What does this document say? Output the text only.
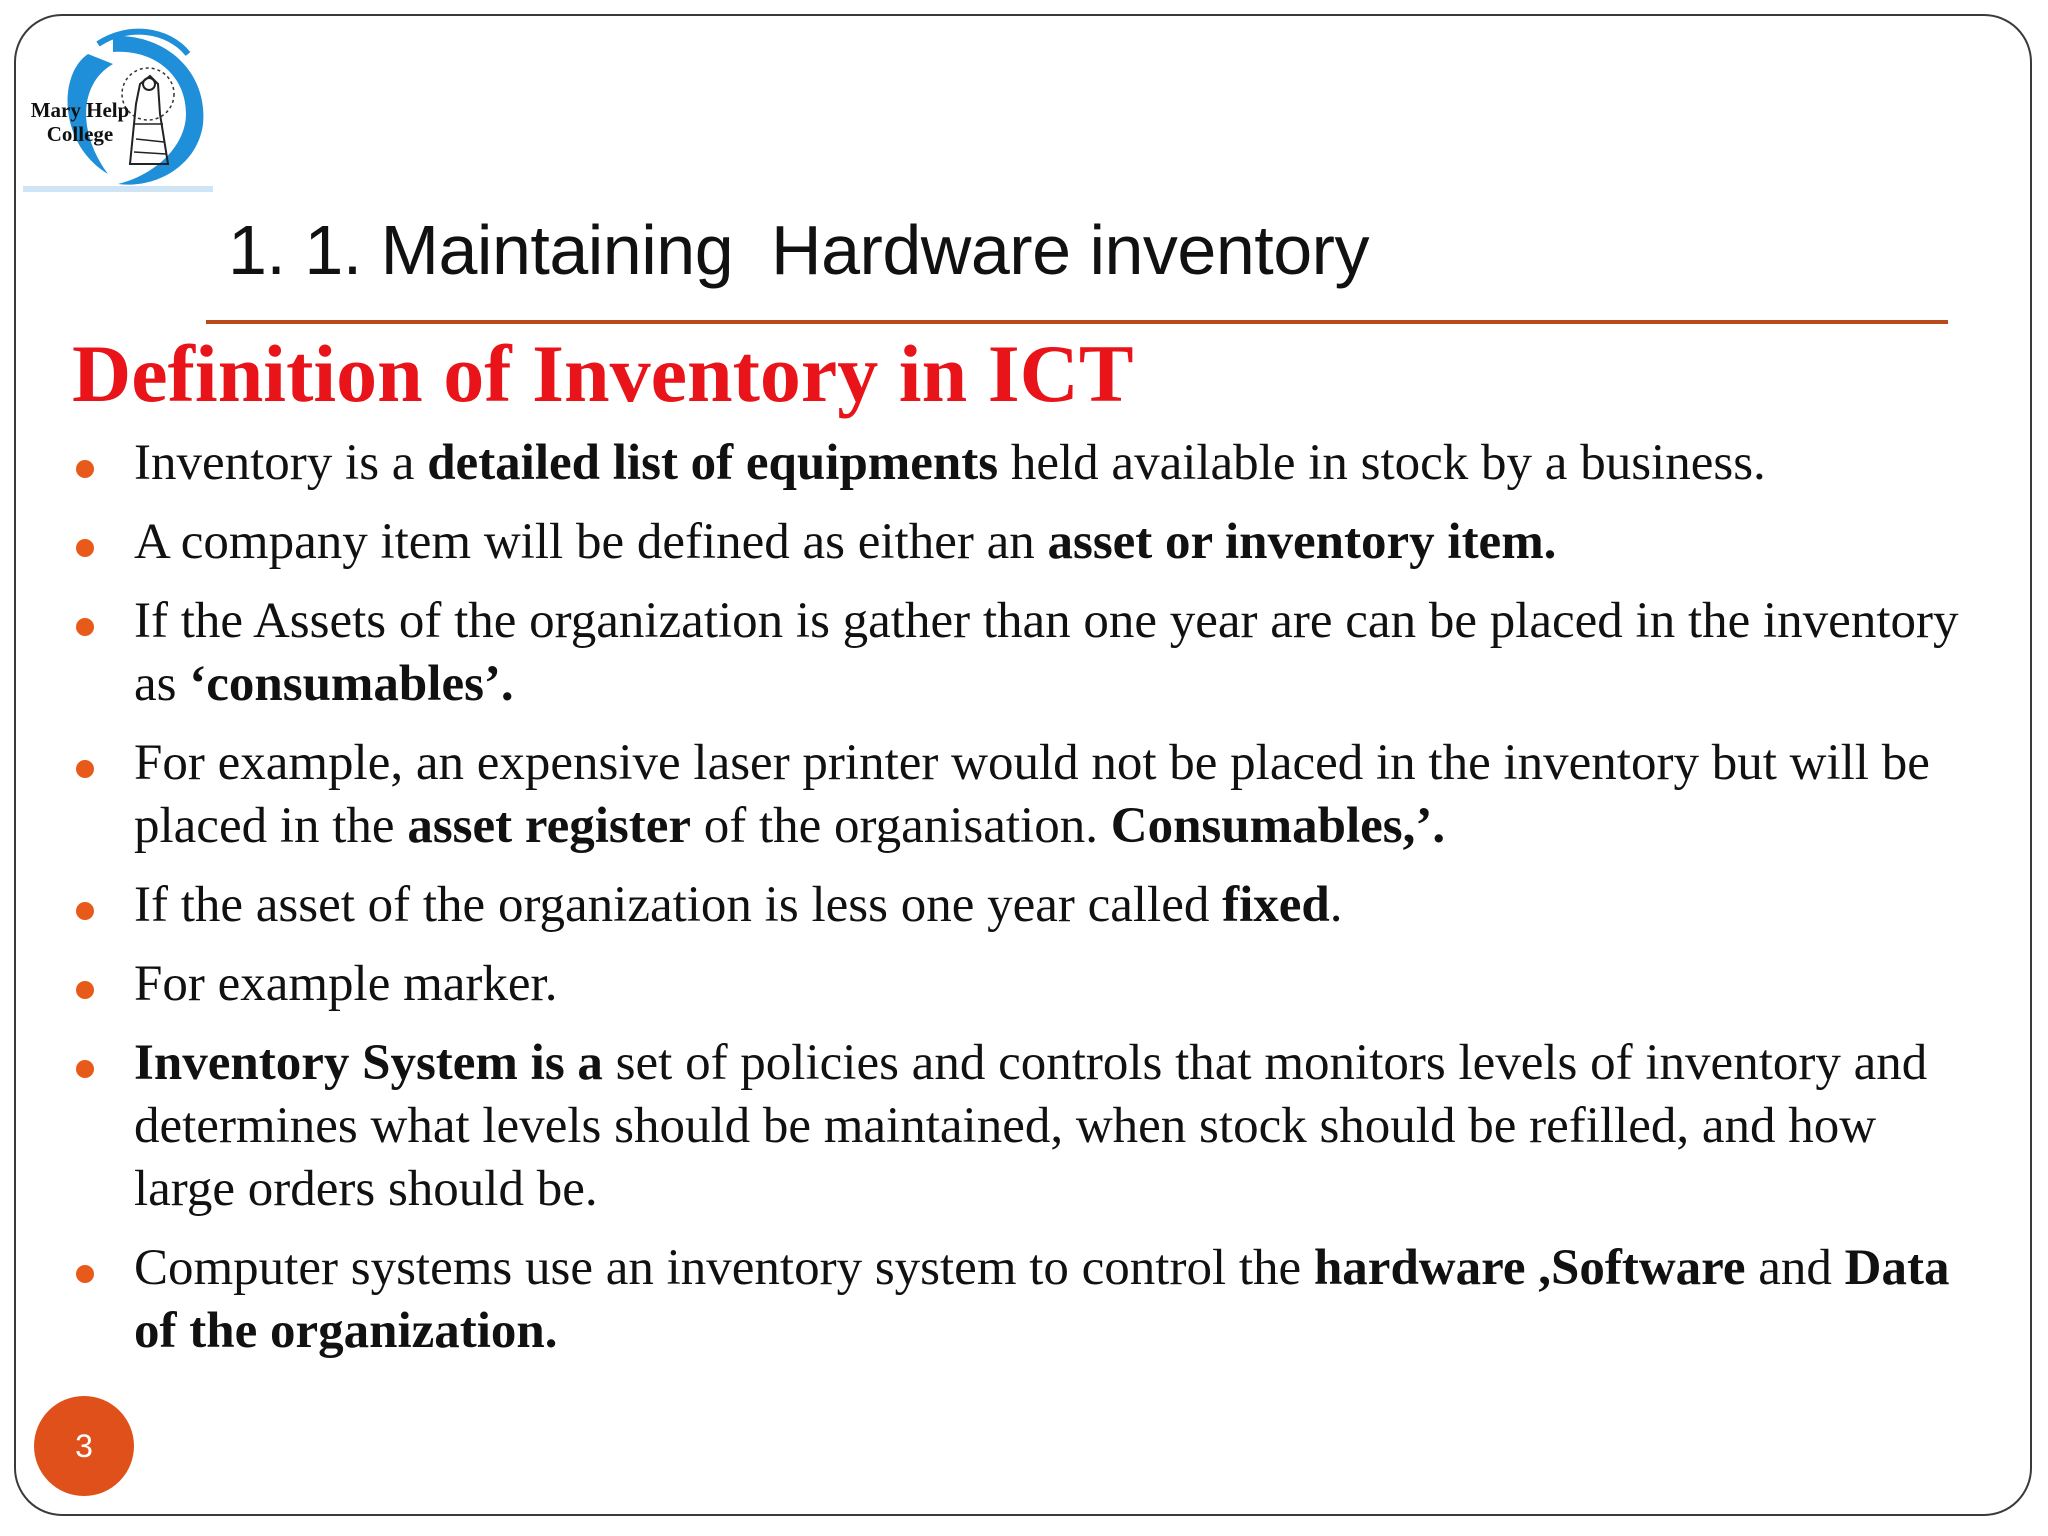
Mary Help
College
1. 1. Maintaining  Hardware inventory
Definition of Inventory in ICT
Inventory is a detailed list of equipments held available in stock by a business.
A company item will be defined as either an asset or inventory item.
If the Assets of the organization is gather than one year are can be placed in the inventory as ‘consumables’.
For example, an expensive laser printer would not be placed in the inventory but will be placed in the asset register of the organisation. Consumables,’.
If the asset of the organization is less one year called fixed.
For example marker.
Inventory System is a set of policies and controls that monitors levels of inventory and determines what levels should be maintained, when stock should be refilled, and how large orders should be.
Computer systems use an inventory system to control the hardware ,Software and Data of the organization.
3
